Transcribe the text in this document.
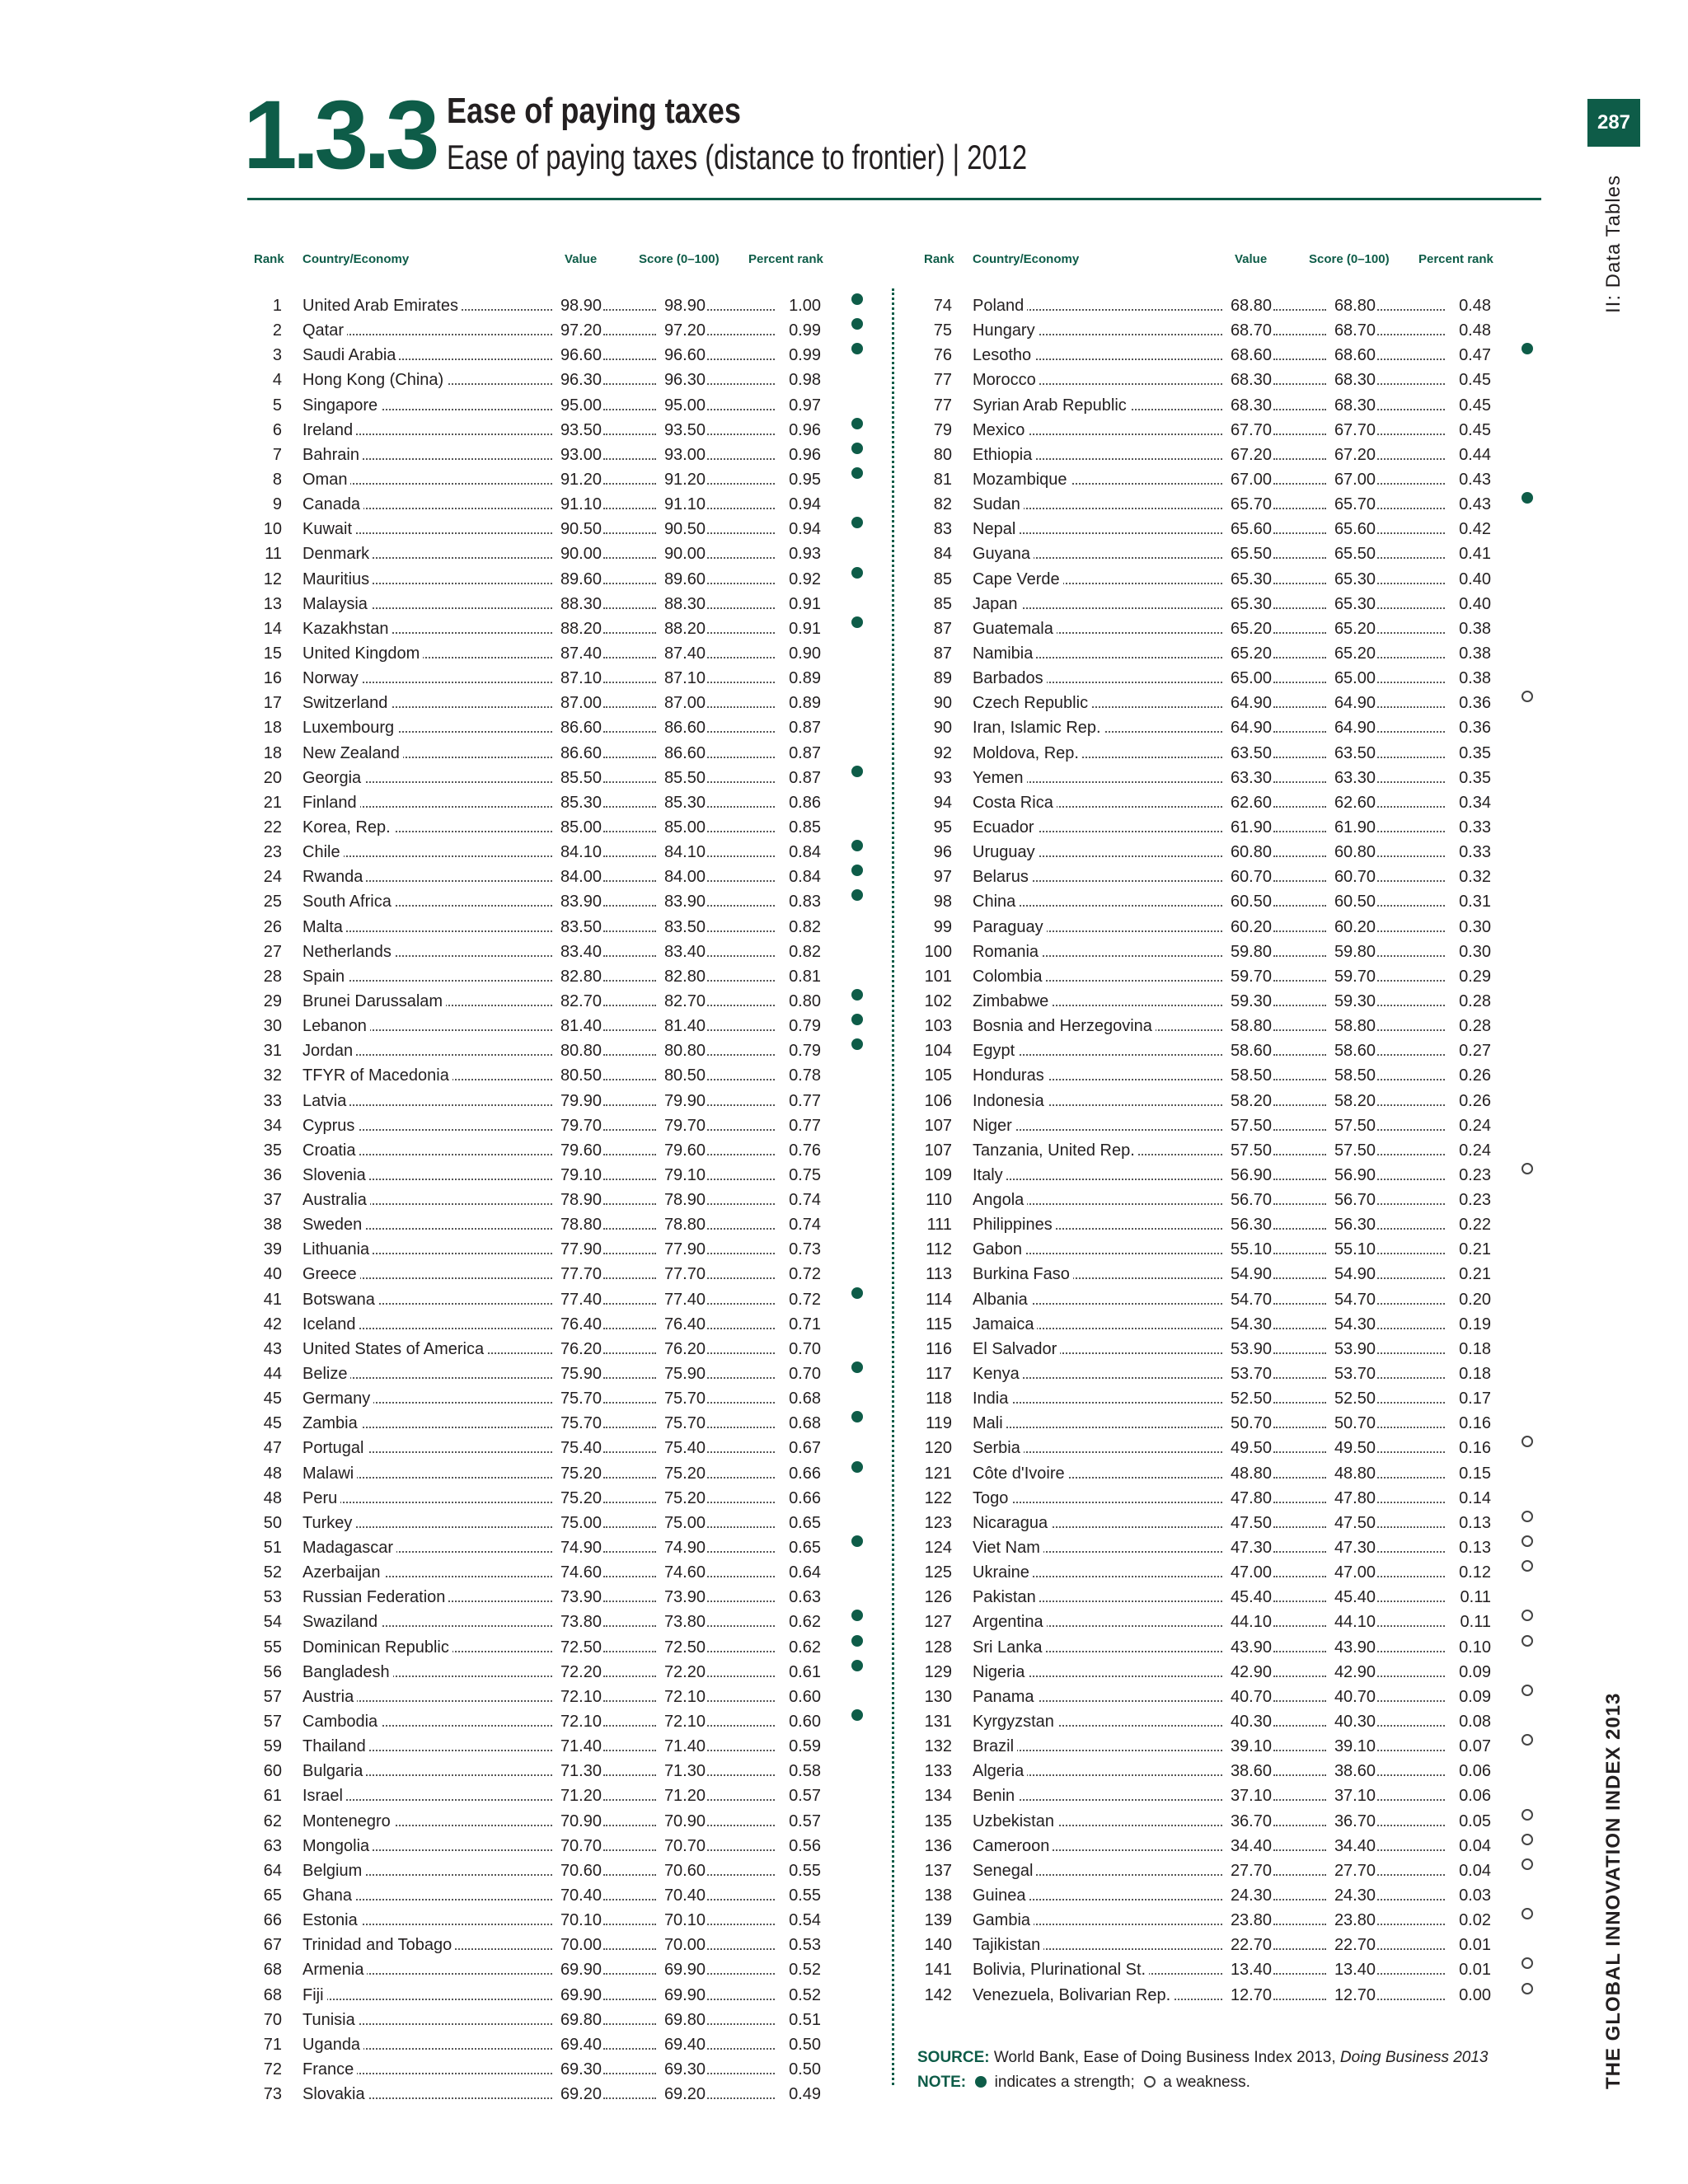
1.3.3 Ease of paying taxes
Ease of paying taxes (distance to frontier) | 2012
287
II: Data Tables
THE GLOBAL INNOVATION INDEX 2013
Rank Country/Economy	Value	Score (0–100) Percent rank
1 United Arab Emirates	98.90	98.90	1.00
2 Qatar	97.20	97.20	0.99
3 Saudi Arabia	96.60	96.60	0.99
4 Hong Kong (China)	96.30	96.30	0.98
5 Singapore	95.00	95.00	0.97
6 Ireland	93.50	93.50	0.96
7 Bahrain	93.00	93.00	0.96
8 Oman	91.20	91.20	0.95
9 Canada	91.10	91.10	0.94
10 Kuwait	90.50	90.50	0.94
11 Denmark	90.00	90.00	0.93
12 Mauritius	89.60	89.60	0.92
13 Malaysia	88.30	88.30	0.91
14 Kazakhstan	88.20	88.20	0.91
15 United Kingdom	87.40	87.40	0.90
16 Norway	87.10	87.10	0.89
17 Switzerland	87.00	87.00	0.89
18 Luxembourg	86.60	86.60	0.87
18 New Zealand	86.60	86.60	0.87
20 Georgia	85.50	85.50	0.87
21 Finland	85.30	85.30	0.86
22 Korea, Rep.	85.00	85.00	0.85
23 Chile	84.10	84.10	0.84
24 Rwanda	84.00	84.00	0.84
25 South Africa	83.90	83.90	0.83
26 Malta	83.50	83.50	0.82
27 Netherlands	83.40	83.40	0.82
28 Spain	82.80	82.80	0.81
29 Brunei Darussalam	82.70	82.70	0.80
30 Lebanon	81.40	81.40	0.79
31 Jordan	80.80	80.80	0.79
32 TFYR of Macedonia	80.50	80.50	0.78
33 Latvia	79.90	79.90	0.77
34 Cyprus	79.70	79.70	0.77
35 Croatia	79.60	79.60	0.76
36 Slovenia	79.10	79.10	0.75
37 Australia	78.90	78.90	0.74
38 Sweden	78.80	78.80	0.74
39 Lithuania	77.90	77.90	0.73
40 Greece	77.70	77.70	0.72
41 Botswana	77.40	77.40	0.72
42 Iceland	76.40	76.40	0.71
43 United States of America	76.20	76.20	0.70
44 Belize	75.90	75.90	0.70
45 Germany	75.70	75.70	0.68
45 Zambia	75.70	75.70	0.68
47 Portugal	75.40	75.40	0.67
48 Malawi	75.20	75.20	0.66
48 Peru	75.20	75.20	0.66
50 Turkey	75.00	75.00	0.65
51 Madagascar	74.90	74.90	0.65
52 Azerbaijan	74.60	74.60	0.64
53 Russian Federation	73.90	73.90	0.63
54 Swaziland	73.80	73.80	0.62
55 Dominican Republic	72.50	72.50	0.62
56 Bangladesh	72.20	72.20	0.61
57 Austria	72.10	72.10	0.60
57 Cambodia	72.10	72.10	0.60
59 Thailand	71.40	71.40	0.59
60 Bulgaria	71.30	71.30	0.58
61 Israel	71.20	71.20	0.57
62 Montenegro	70.90	70.90	0.57
63 Mongolia	70.70	70.70	0.56
64 Belgium	70.60	70.60	0.55
65 Ghana	70.40	70.40	0.55
66 Estonia	70.10	70.10	0.54
67 Trinidad and Tobago	70.00	70.00	0.53
68 Armenia	69.90	69.90	0.52
68 Fiji	69.90	69.90	0.52
70 Tunisia	69.80	69.80	0.51
71 Uganda	69.40	69.40	0.50
72 France	69.30	69.30	0.50
73 Slovakia	69.20	69.20	0.49
Rank Country/Economy	Value	Score (0–100) Percent rank
74 Poland	68.80	68.80	0.48
75 Hungary	68.70	68.70	0.48
76 Lesotho	68.60	68.60	0.47
77 Morocco	68.30	68.30	0.45
77 Syrian Arab Republic	68.30	68.30	0.45
79 Mexico	67.70	67.70	0.45
80 Ethiopia	67.20	67.20	0.44
81 Mozambique	67.00	67.00	0.43
82 Sudan	65.70	65.70	0.43
83 Nepal	65.60	65.60	0.42
84 Guyana	65.50	65.50	0.41
85 Cape Verde	65.30	65.30	0.40
85 Japan	65.30	65.30	0.40
87 Guatemala	65.20	65.20	0.38
87 Namibia	65.20	65.20	0.38
89 Barbados	65.00	65.00	0.38
90 Czech Republic	64.90	64.90	0.36
90 Iran, Islamic Rep.	64.90	64.90	0.36
92 Moldova, Rep.	63.50	63.50	0.35
93 Yemen	63.30	63.30	0.35
94 Costa Rica	62.60	62.60	0.34
95 Ecuador	61.90	61.90	0.33
96 Uruguay	60.80	60.80	0.33
97 Belarus	60.70	60.70	0.32
98 China	60.50	60.50	0.31
99 Paraguay	60.20	60.20	0.30
100 Romania	59.80	59.80	0.30
101 Colombia	59.70	59.70	0.29
102 Zimbabwe	59.30	59.30	0.28
103 Bosnia and Herzegovina	58.80	58.80	0.28
104 Egypt	58.60	58.60	0.27
105 Honduras	58.50	58.50	0.26
106 Indonesia	58.20	58.20	0.26
107 Niger	57.50	57.50	0.24
107 Tanzania, United Rep.	57.50	57.50	0.24
109 Italy	56.90	56.90	0.23
110 Angola	56.70	56.70	0.23
111 Philippines	56.30	56.30	0.22
112 Gabon	55.10	55.10	0.21
113 Burkina Faso	54.90	54.90	0.21
114 Albania	54.70	54.70	0.20
115 Jamaica	54.30	54.30	0.19
116 El Salvador	53.90	53.90	0.18
117 Kenya	53.70	53.70	0.18
118 India	52.50	52.50	0.17
119 Mali	50.70	50.70	0.16
120 Serbia	49.50	49.50	0.16
121 Côte d'Ivoire	48.80	48.80	0.15
122 Togo	47.80	47.80	0.14
123 Nicaragua	47.50	47.50	0.13
124 Viet Nam	47.30	47.30	0.13
125 Ukraine	47.00	47.00	0.12
126 Pakistan	45.40	45.40	0.11
127 Argentina	44.10	44.10	0.11
128 Sri Lanka	43.90	43.90	0.10
129 Nigeria	42.90	42.90	0.09
130 Panama	40.70	40.70	0.09
131 Kyrgyzstan	40.30	40.30	0.08
132 Brazil	39.10	39.10	0.07
133 Algeria	38.60	38.60	0.06
134 Benin	37.10	37.10	0.06
135 Uzbekistan	36.70	36.70	0.05
136 Cameroon	34.40	34.40	0.04
137 Senegal	27.70	27.70	0.04
138 Guinea	24.30	24.30	0.03
139 Gambia	23.80	23.80	0.02
140 Tajikistan	22.70	22.70	0.01
141 Bolivia, Plurinational St.	13.40	13.40	0.01
142 Venezuela, Bolivarian Rep.	12.70	12.70	0.00
SOURCE: World Bank, Ease of Doing Business Index 2013, Doing Business 2013
NOTE: indicates a strength; a weakness.
